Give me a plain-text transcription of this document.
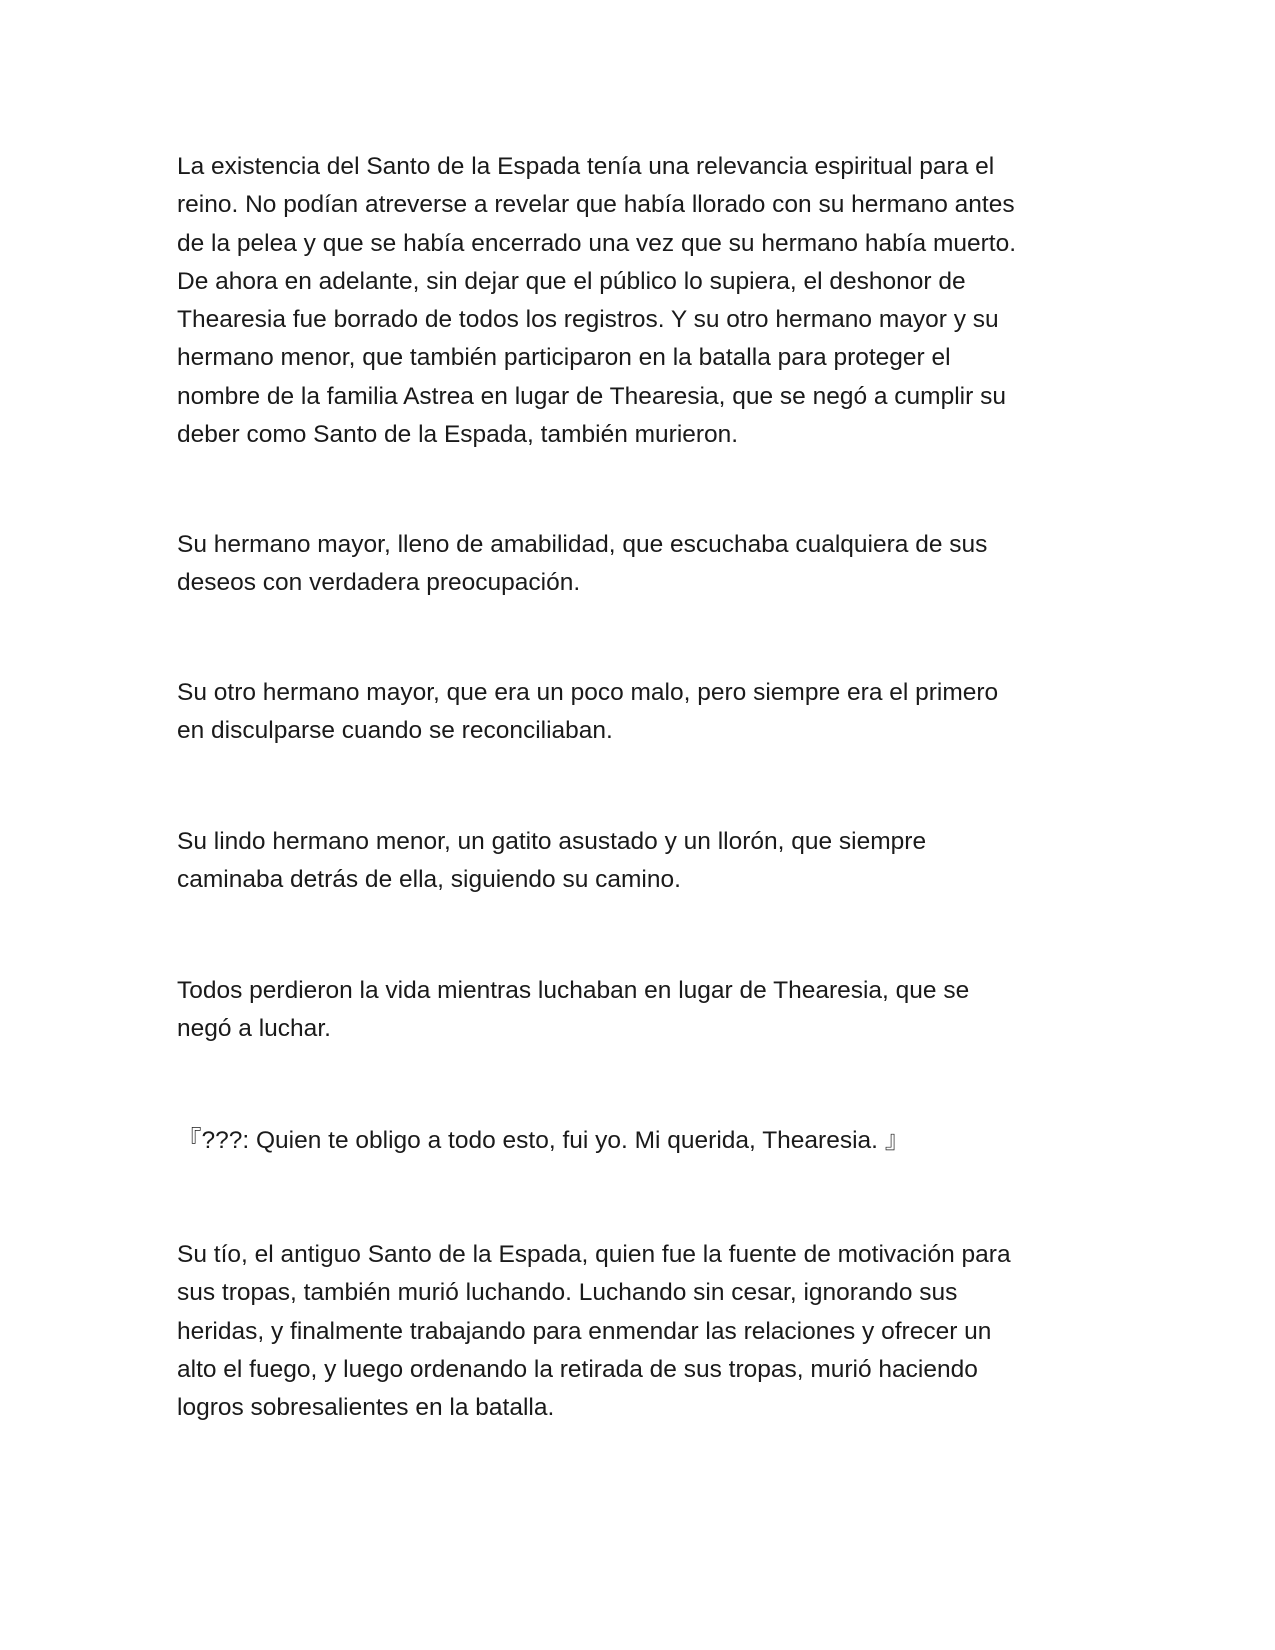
La existencia del Santo de la Espada tenía una relevancia espiritual para el
reino. No podían atreverse a revelar que había llorado con su hermano antes
de la pelea y que se había encerrado una vez que su hermano había muerto.
De ahora en adelante, sin dejar que el público lo supiera, el deshonor de
Thearesia fue borrado de todos los registros. Y su otro hermano mayor y su
hermano menor, que también participaron en la batalla para proteger el
nombre de la familia Astrea en lugar de Thearesia, que se negó a cumplir su
deber como Santo de la Espada, también murieron.

Su hermano mayor, lleno de amabilidad, que escuchaba cualquiera de sus
deseos con verdadera preocupación.

Su otro hermano mayor, que era un poco malo, pero siempre era el primero
en disculparse cuando se reconciliaban.

Su lindo hermano menor, un gatito asustado y un llorón, que siempre
caminaba detrás de ella, siguiendo su camino.

Todos perdieron la vida mientras luchaban en lugar de Thearesia, que se
negó a luchar.

『???: Quien te obligo a todo esto, fui yo. Mi querida, Thearesia. 』

Su tío, el antiguo Santo de la Espada, quien fue la fuente de motivación para
sus tropas, también murió luchando. Luchando sin cesar, ignorando sus
heridas, y finalmente trabajando para enmendar las relaciones y ofrecer un
alto el fuego, y luego ordenando la retirada de sus tropas, murió haciendo
logros sobresalientes en la batalla.
